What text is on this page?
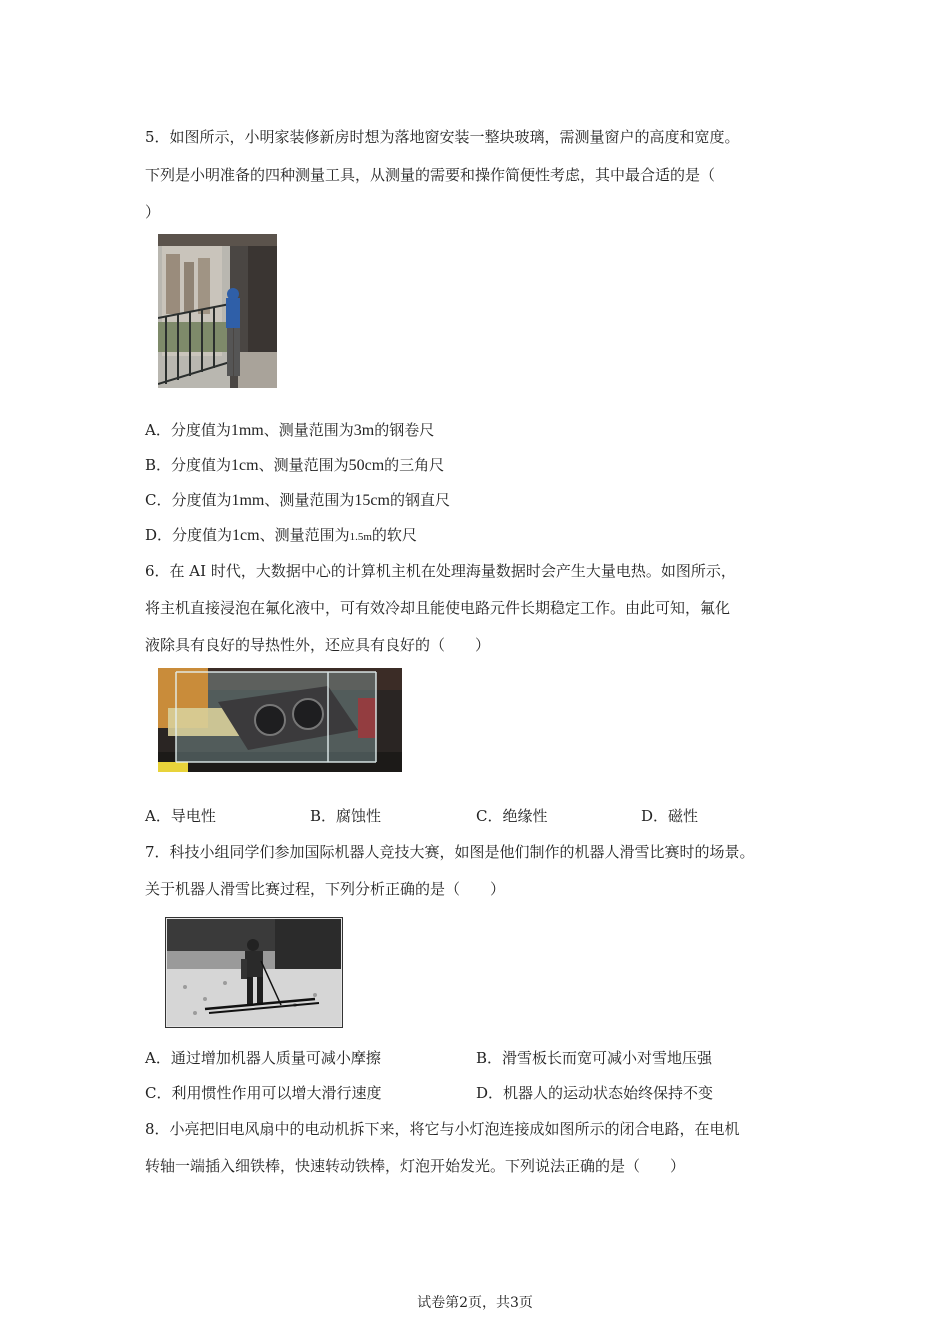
5．如图所示，小明家装修新房时想为落地窗安装一整块玻璃，需测量窗户的高度和宽度。
下列是小明准备的四种测量工具，从测量的需要和操作简便性考虑，其中最合适的是（
）
A．分度值为1mm、测量范围为3m的钢卷尺
B．分度值为1cm、测量范围为50cm的三角尺
C．分度值为1mm、测量范围为15cm的钢直尺
D．分度值为1cm、测量范围为1.5m的软尺
6．在 AI 时代，大数据中心的计算机主机在处理海量数据时会产生大量电热。如图所示，
将主机直接浸泡在氟化液中，可有效冷却且能使电路元件长期稳定工作。由此可知，氟化
液除具有良好的导热性外，还应具有良好的（　　）
A．导电性	B．腐蚀性	C．绝缘性	D．磁性
7．科技小组同学们参加国际机器人竞技大赛，如图是他们制作的机器人滑雪比赛时的场景。
关于机器人滑雪比赛过程，下列分析正确的是（　　）
A．通过增加机器人质量可减小摩擦	B．滑雪板长而宽可减小对雪地压强
C．利用惯性作用可以增大滑行速度	D．机器人的运动状态始终保持不变
8．小亮把旧电风扇中的电动机拆下来，将它与小灯泡连接成如图所示的闭合电路，在电机
转轴一端插入细铁棒，快速转动铁棒，灯泡开始发光。下列说法正确的是（　　）
试卷第2页，共3页
